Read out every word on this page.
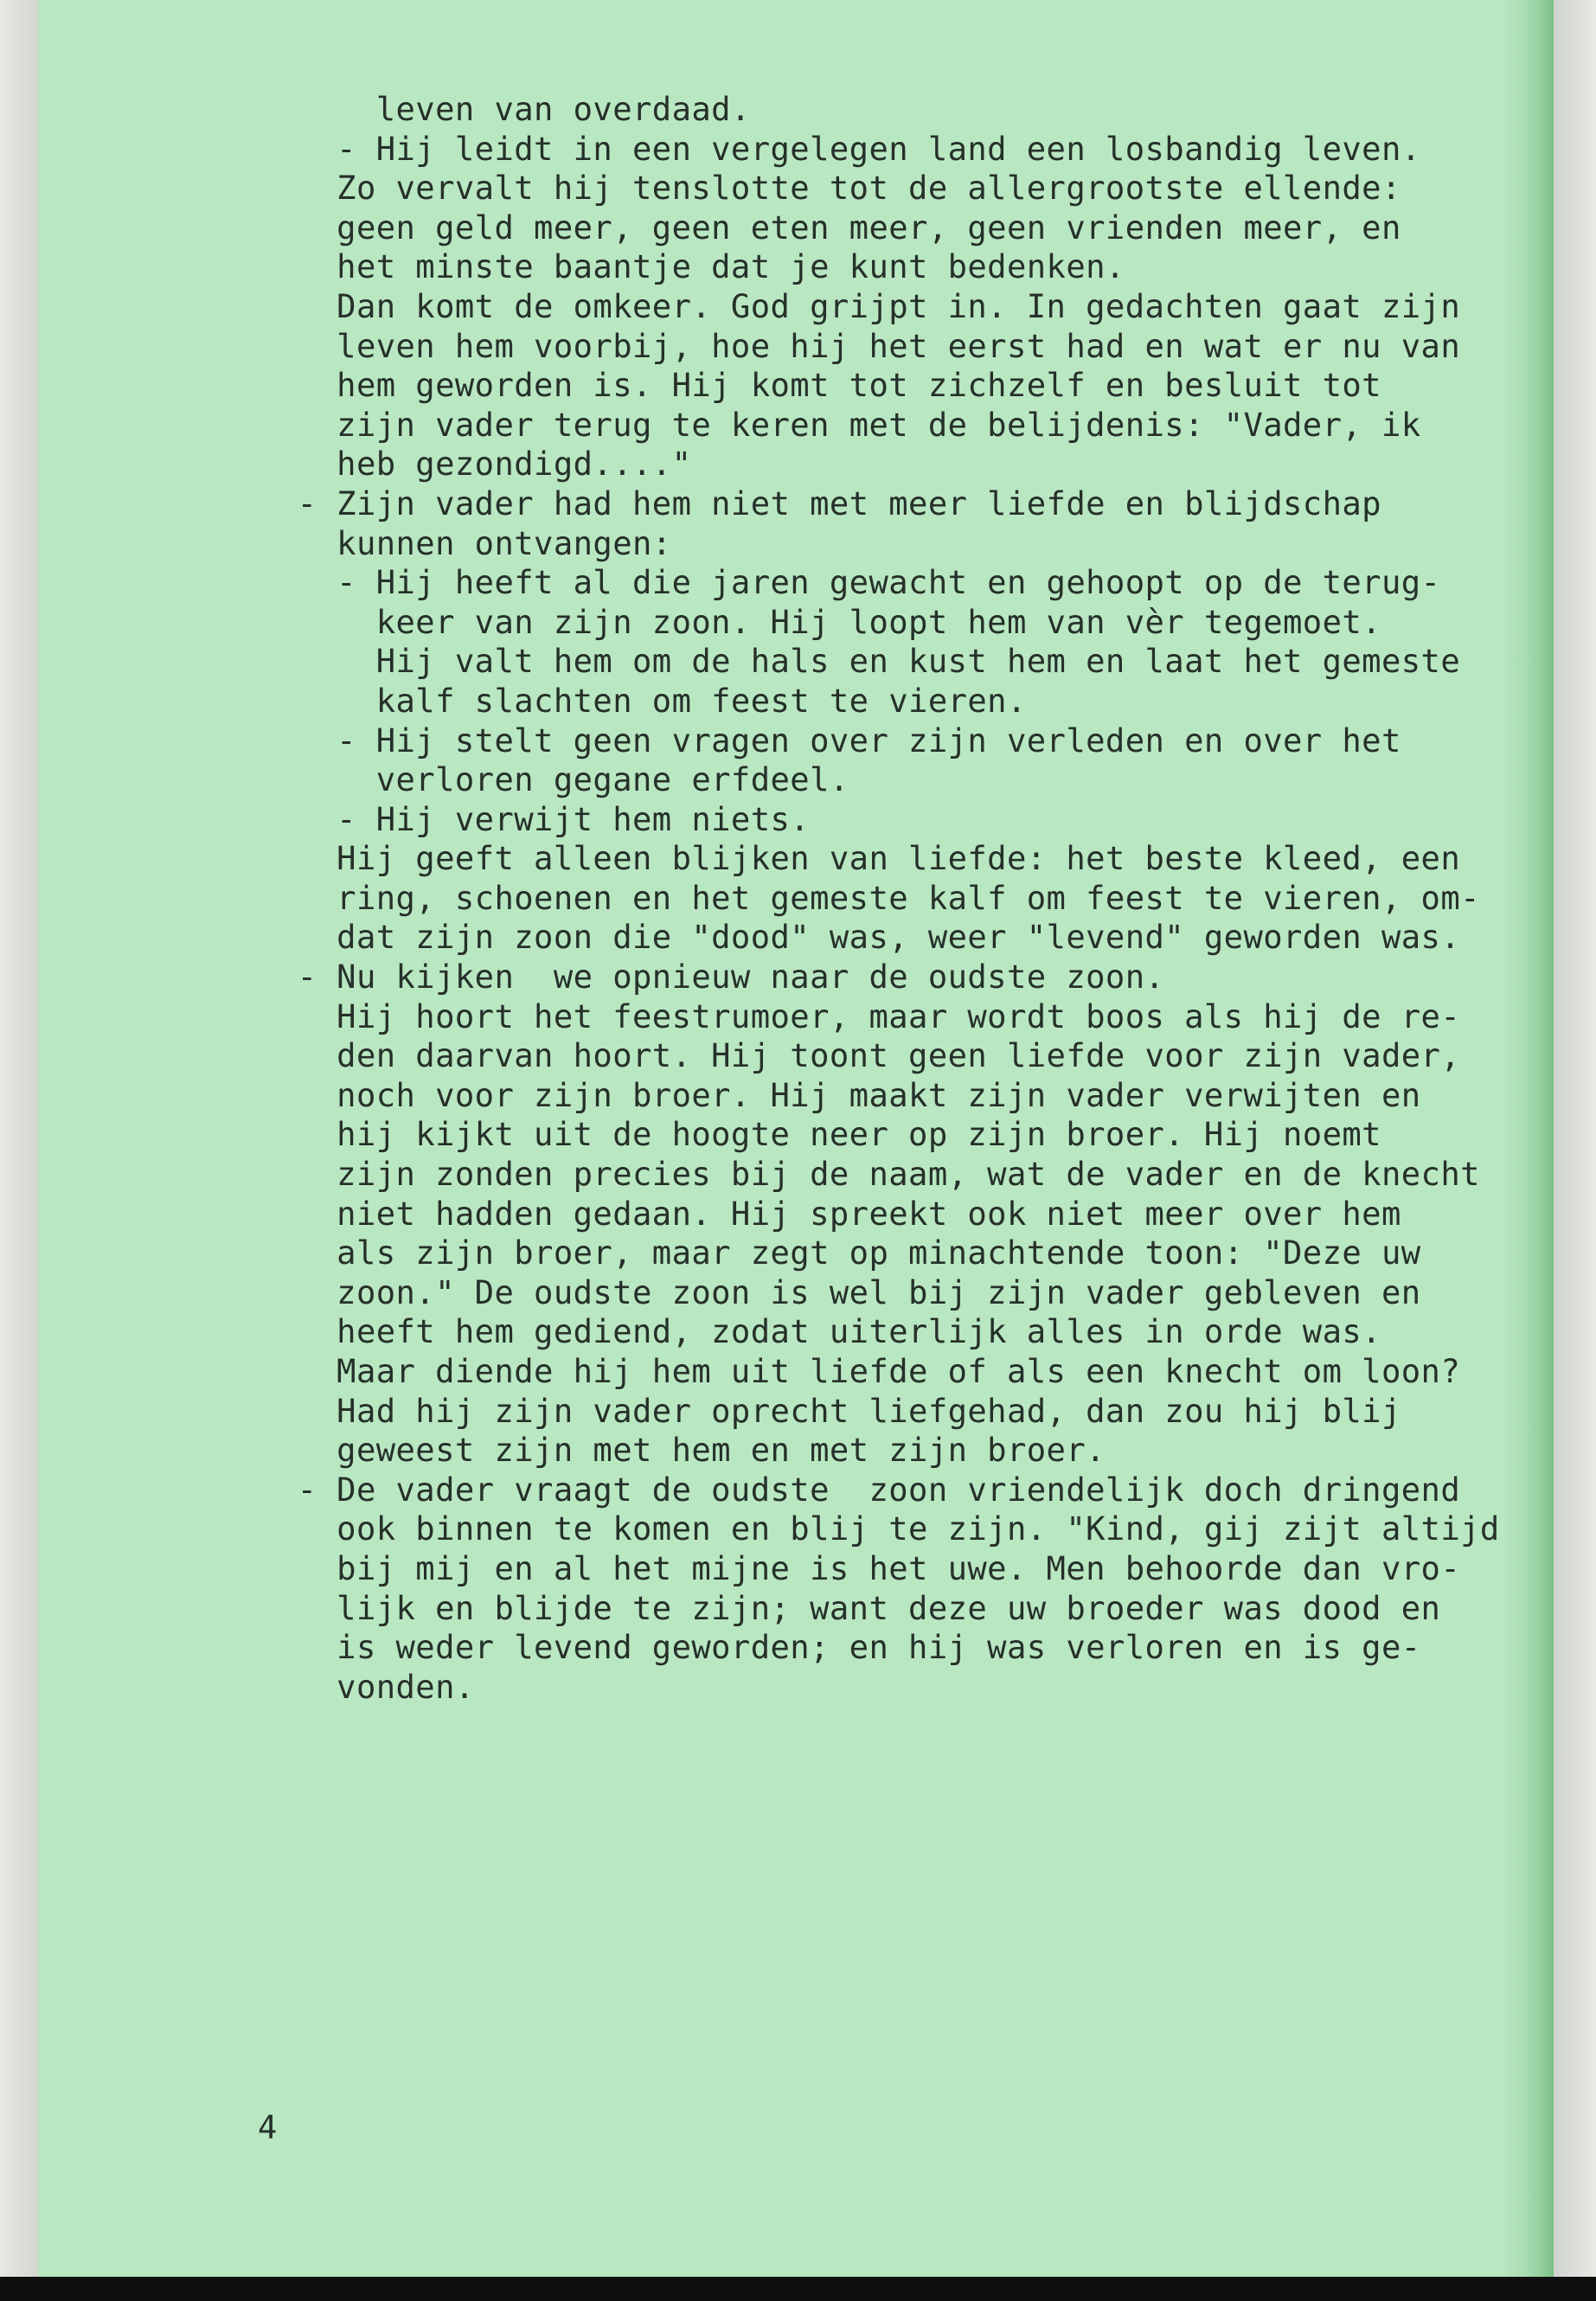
leven van overdaad.
- Hij leidt in een vergelegen land een losbandig leven.
Zo vervalt hij tenslotte tot de allergrootste ellende:
geen geld meer, geen eten meer, geen vrienden meer, en
het minste baantje dat je kunt bedenken.
Dan komt de omkeer. God grijpt in. In gedachten gaat zijn
leven hem voorbij, hoe hij het eerst had en wat er nu van
hem geworden is. Hij komt tot zichzelf en besluit tot
zijn vader terug te keren met de belijdenis: "Vader, ik
heb gezondigd...."
- Zijn vader had hem niet met meer liefde en blijdschap
kunnen ontvangen:
- Hij heeft al die jaren gewacht en gehoopt op de terug-
keer van zijn zoon. Hij loopt hem van vèr tegemoet.
Hij valt hem om de hals en kust hem en laat het gemeste
kalf slachten om feest te vieren.
- Hij stelt geen vragen over zijn verleden en over het
verloren gegane erfdeel.
- Hij verwijt hem niets.
Hij geeft alleen blijken van liefde: het beste kleed, een
ring, schoenen en het gemeste kalf om feest te vieren, om-
dat zijn zoon die "dood" was, weer "levend" geworden was.
- Nu kijken  we opnieuw naar de oudste zoon.
Hij hoort het feestrumoer, maar wordt boos als hij de re-
den daarvan hoort. Hij toont geen liefde voor zijn vader,
noch voor zijn broer. Hij maakt zijn vader verwijten en
hij kijkt uit de hoogte neer op zijn broer. Hij noemt
zijn zonden precies bij de naam, wat de vader en de knecht
niet hadden gedaan. Hij spreekt ook niet meer over hem
als zijn broer, maar zegt op minachtende toon: "Deze uw
zoon." De oudste zoon is wel bij zijn vader gebleven en
heeft hem gediend, zodat uiterlijk alles in orde was.
Maar diende hij hem uit liefde of als een knecht om loon?
Had hij zijn vader oprecht liefgehad, dan zou hij blij
geweest zijn met hem en met zijn broer.
- De vader vraagt de oudste  zoon vriendelijk doch dringend
ook binnen te komen en blij te zijn. "Kind, gij zijt altijd
bij mij en al het mijne is het uwe. Men behoorde dan vro-
lijk en blijde te zijn; want deze uw broeder was dood en
is weder levend geworden; en hij was verloren en is ge-
vonden.
4
